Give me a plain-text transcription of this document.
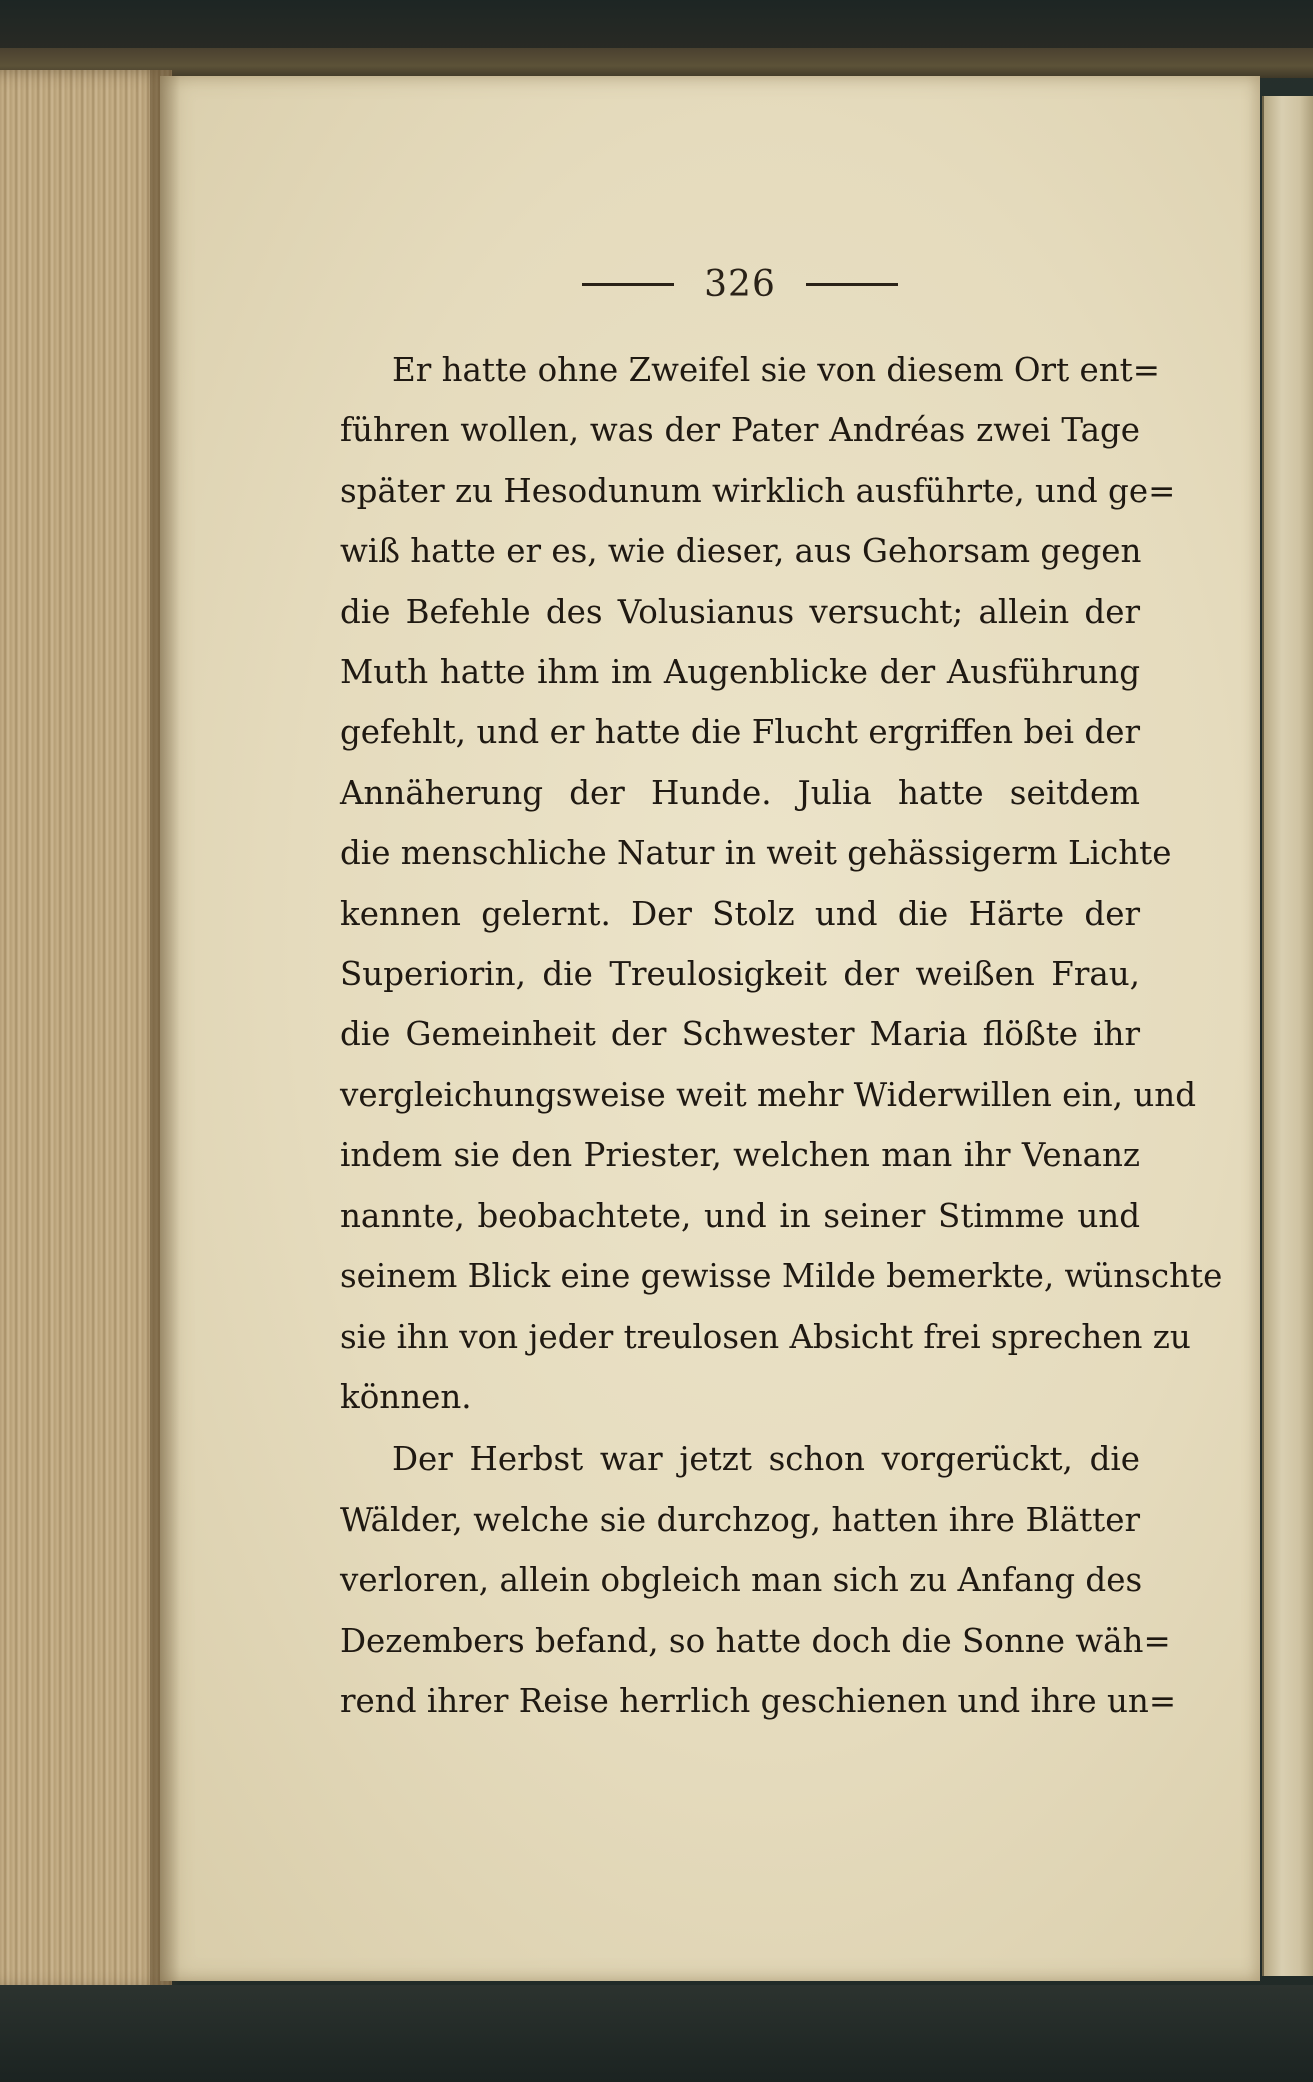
326

Er hatte ohne Zweifel sie von diesem Ort ent=
führen wollen, was der Pater Andréas zwei Tage
später zu Hesodunum wirklich ausführte, und ge=
wiß hatte er es, wie dieser, aus Gehorsam gegen
die Befehle des Volusianus versucht; allein der
Muth hatte ihm im Augenblicke der Ausführung
gefehlt, und er hatte die Flucht ergriffen bei der
Annäherung der Hunde. Julia hatte seitdem
die menschliche Natur in weit gehässigerm Lichte
kennen gelernt. Der Stolz und die Härte der
Superiorin, die Treulosigkeit der weißen Frau,
die Gemeinheit der Schwester Maria flößte ihr
vergleichungsweise weit mehr Widerwillen ein, und
indem sie den Priester, welchen man ihr Venanz
nannte, beobachtete, und in seiner Stimme und
seinem Blick eine gewisse Milde bemerkte, wünschte
sie ihn von jeder treulosen Absicht frei sprechen zu
können.

Der Herbst war jetzt schon vorgerückt, die
Wälder, welche sie durchzog, hatten ihre Blätter
verloren, allein obgleich man sich zu Anfang des
Dezembers befand, so hatte doch die Sonne wäh=
rend ihrer Reise herrlich geschienen und ihre un=
